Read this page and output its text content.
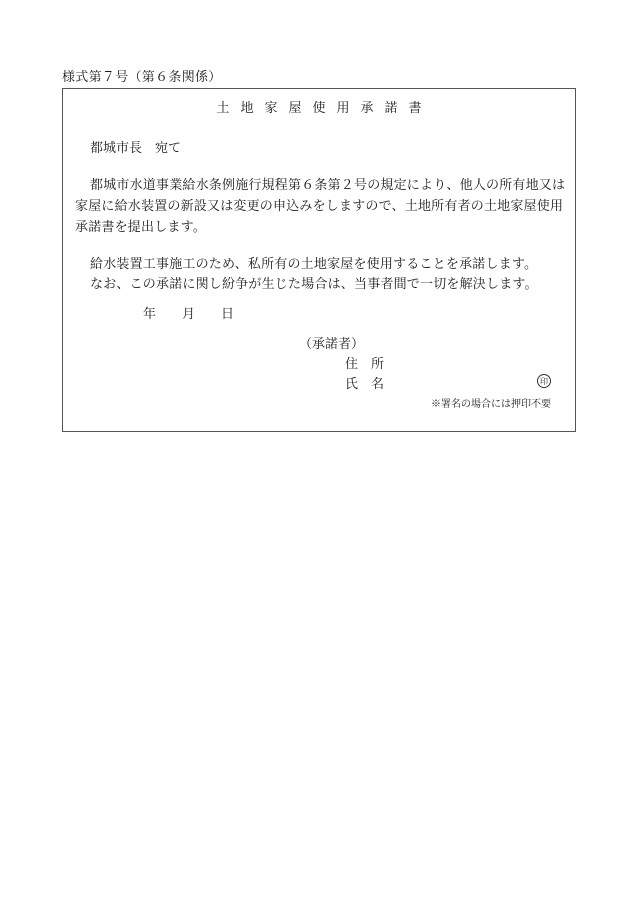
様式第７号（第６条関係）
土地家屋使用承諾書
都城市長　宛て

都城市水道事業給水条例施行規程第６条第２号の規定により、他人の所有地又は家屋に給水装置の新設又は変更の申込みをしますので、土地所有者の土地家屋使用承諾書を提出します。

給水装置工事施工のため、私所有の土地家屋を使用することを承諾します。

なお、この承諾に関し紛争が生じた場合は、当事者間で一切を解決します。

年　　月　　日
（承諾者）
住　所
氏　名	印
※署名の場合には押印不要
